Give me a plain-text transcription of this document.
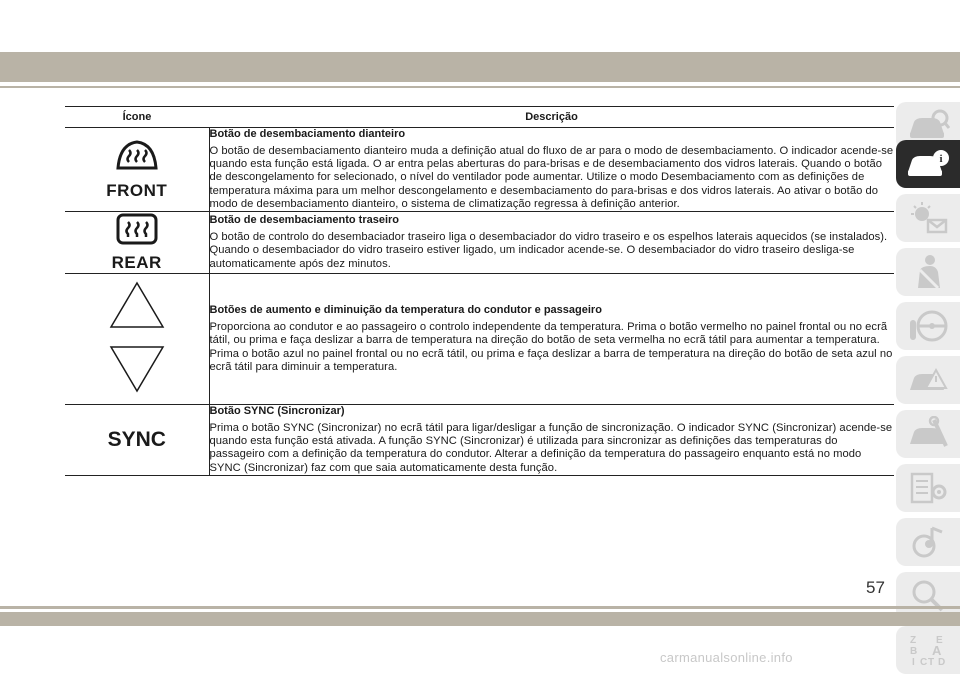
Ícone	Descrição

FRONT	Botão de desembaciamento dianteiro

O botão de desembaciamento dianteiro muda a definição atual do fluxo de ar para o modo de desembaciamento. O indicador acende-se quando esta função está ligada. O ar entra pelas aberturas do para-brisas e de desembaciamento dos vidros laterais. Quando o botão de descongelamento for selecionado, o nível do ventilador pode aumentar. Utilize o modo Desembaciamento com as definições de temperatura máxima para um melhor descongelamento e desembaciamento do para-brisas e dos vidros laterais. Ao ativar o botão do modo de desembaciamento dianteiro, o sistema de climatização regressa à definição anterior.

REAR	Botão de desembaciamento traseiro

O botão de controlo do desembaciador traseiro liga o desembaciador do vidro traseiro e os espelhos laterais aquecidos (se instalados). Quando o desembaciador do vidro traseiro estiver ligado, um indicador acende-se. O desembaciador do vidro traseiro desliga-se automaticamente após dez minutos.

Botões de aumento e diminuição da temperatura do condutor e passageiro

Proporciona ao condutor e ao passageiro o controlo independente da temperatura. Prima o botão vermelho no painel frontal ou no ecrã tátil, ou prima e faça deslizar a barra de temperatura na direção do botão de seta vermelha no ecrã tátil para aumentar a temperatura. Prima o botão azul no painel frontal ou no ecrã tátil, ou prima e faça deslizar a barra de temperatura na direção do botão de seta azul no ecrã tátil para diminuir a temperatura.

SYNC	Botão SYNC (Sincronizar)

Prima o botão SYNC (Sincronizar) no ecrã tátil para ligar/desligar a função de sincronização. O indicador SYNC (Sincronizar) acende-se quando esta função está ativada. A função SYNC (Sincronizar) é utilizada para sincronizar as definições das temperaturas do passageiro com a definição da temperatura do condutor. Alterar a definição da temperatura do passageiro enquanto está no modo SYNC (Sincronizar) faz com que saia automaticamente desta função.

i
Z E
B A
I C T D
57
carmanualsonline.info
